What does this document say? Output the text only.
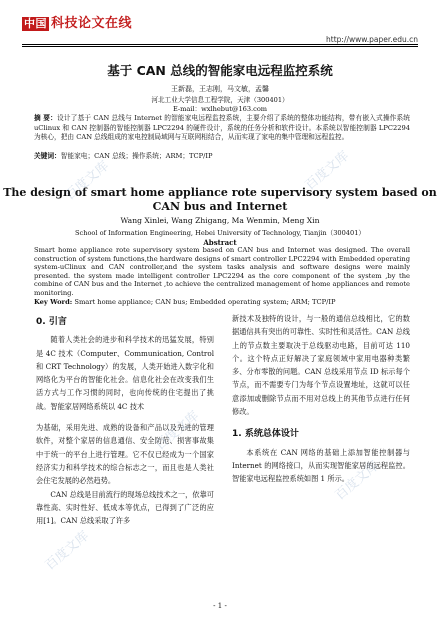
中国 科技论文在线
http://www.paper.edu.cn
基于 CAN 总线的智能家电远程监控系统
王新磊，王志刚，马文敏，孟馨
河北工业大学信息工程学院，天津（300401）
E-mail：wxlhebut@163.com
摘 要：设计了基于 CAN 总线与 Internet 的智能家电远程监控系统，主要介绍了系统的整体功能结构，带有嵌入式操作系统 uClinux 和 CAN 控制器的智能控制器 LPC2294 的硬件设计，系统的任务分析和软件设计。本系统以智能控制器 LPC2294 为核心，把由 CAN 总线组成的家电控制局域网与互联网相结合，从而实现了家电的集中管理和远程监控。
关键词：智能家电；CAN 总线；操作系统；ARM；TCP/IP
The design of smart home appliance rote supervisory system based on CAN bus and Internet
Wang Xinlei, Wang Zhigang, Ma Wenmin, Meng Xin
School of Information Engineering, Hebei University of Technology, Tianjin（300401）
Abstract
Smart home appliance rote supervisory system based on CAN bus and Internet was designed. The overall construction of system functions,the hardware designs of smart controller LPC2294 with Embedded operating system-uClinux and CAN controller,and the system tasks analysis and software designs were mainly presented. the system made intelligent controller LPC2294 as the core component of the system ,by the combine of CAN bus and the Internet ,to achieve the centralized management of home appliances and remote monitoring.
Key Word: Smart home appliance; CAN bus; Embedded operating system; ARM; TCP/IP
0. 引言

随着人类社会的进步和科学技术的迅猛发展，特别是 4C 技术（Computer、Communication, Control 和 CRT Technology）的发展，人类开始进入数字化和网络化为平台的智能化社会。信息化社会在改变我们生活方式与工作习惯的同时，也向传统的住宅提出了挑战。智能家居网络系统以 4C 技术

为基础，采用先进、成熟的设备和产品以及先进的管理软件，对整个家居的信息通信、安全防范、损害事故集中于统一的平台上进行管理。它不仅已经成为一个国家经济实力和科学技术的综合标志之一，而且也是人类社会住宅发展的必然趋势。

CAN 总线是目前流行的现场总线技术之一，依靠可靠性高、实时性好、低成本等优点，已得到了广泛的应用[1]。CAN 总线采取了许多

新技术及独特的设计，与一般的通信总线相比，它的数据通信具有突出的可靠性、实时性和灵活性。CAN 总线上的节点数主要取决于总线驱动电路，目前可达 110 个。这个特点正好解决了家庭领域中家用电器种类繁多、分布零散的问题。CAN 总线采用节点 ID 标示每个节点，而不需要专门为每个节点设置地址，这就可以任意添加或删除节点而不用对总线上的其他节点进行任何修改。

1. 系统总体设计

本系统在 CAN 网络的基础上添加智能控制器与 Internet 的网络接口，从而实现智能家居的远程监控。智能家电远程监控系统如图 1 所示。

百度文库	百度文库
百度文库
百度文库
百度文库
- 1 -
